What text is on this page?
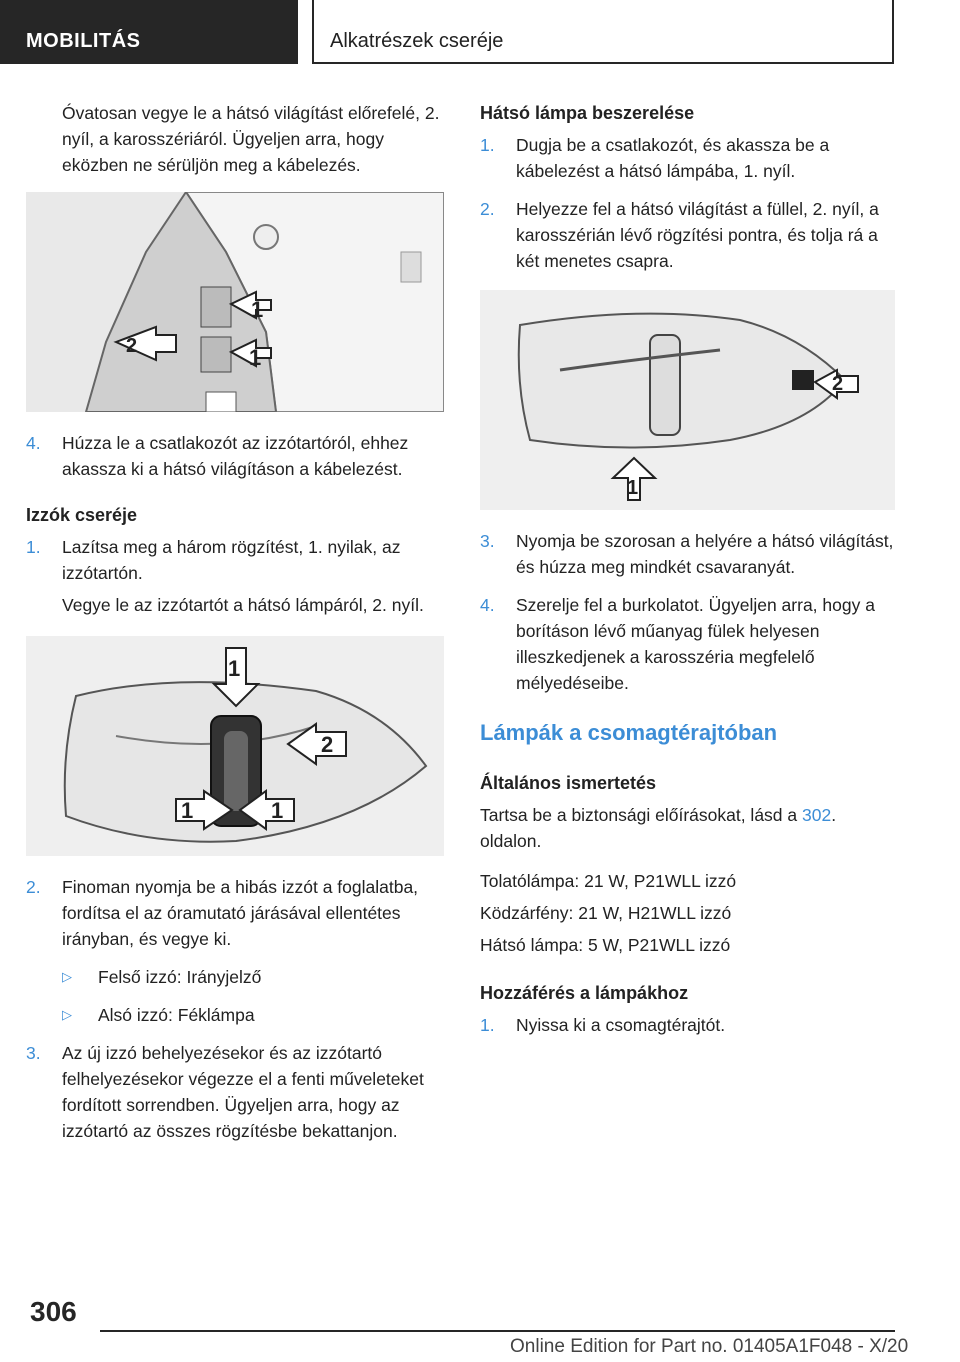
MOBILITÁS	Alkatrészek cseréje

Óvatosan vegye le a hátsó világítást előrefelé, 2. nyíl, a karosszériáról. Ügyeljen arra, hogy eközben ne sérüljön meg a kábelezés.

1
1
2
4. Húzza le a csatlakozót az izzótartóról, ehhez akassza ki a hátsó világításon a kábelezést.
Izzók cseréje
1. Lazítsa meg a három rögzítést, 1. nyilak, az izzótartón.

Vegye le az izzótartót a hátsó lámpáról, 2. nyíl.

1
2
1	1
2. Finoman nyomja be a hibás izzót a foglalatba, fordítsa el az óramutató járásával ellentétes irányban, és vegye ki.
▷ Felső izzó: Irányjelző
▷ Alsó izzó: Féklámpa
3. Az új izzó behelyezésekor és az izzótartó felhelyezésekor végezze el a fenti műveleteket fordított sorrendben. Ügyeljen arra, hogy az izzótartó az összes rögzítésbe bekattanjon.
Hátsó lámpa beszerelése
1. Dugja be a csatlakozót, és akassza be a kábelezést a hátsó lámpába, 1. nyíl.
2. Helyezze fel a hátsó világítást a füllel, 2. nyíl, a karosszérián lévő rögzítési pontra, és tolja rá a két menetes csapra.
2
1
3. Nyomja be szorosan a helyére a hátsó világítást, és húzza meg mindkét csavaranyát.
4. Szerelje fel a burkolatot. Ügyeljen arra, hogy a borításon lévő műanyag fülek helyesen illeszkedjenek a karosszéria megfelelő mélyedéseibe.
Lámpák a csomagtérajtóban
Általános ismertetés

Tartsa be a biztonsági előírásokat, lásd a 302. oldalon.

Tolatólámpa: 21 W, P21WLL izzó

Ködzárfény: 21 W, H21WLL izzó

Hátsó lámpa: 5 W, P21WLL izzó

Hozzáférés a lámpákhoz
1. Nyissa ki a csomagtérajtót.
306
Online Edition for Part no. 01405A1F048 - X/20
